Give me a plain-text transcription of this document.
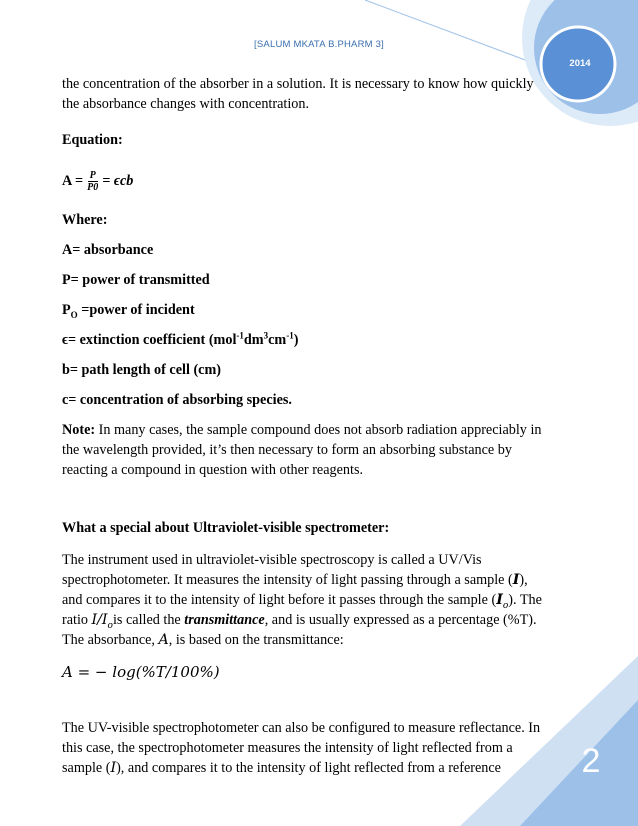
[SALUM MKATA B.PHARM 3]
2014
2

the concentration of the absorber in a solution. It is necessary to know how quickly

the absorbance changes with concentration.

Equation:

$A = \frac{P}{P0} = \epsilon cb$

Where:

A= absorbance

P= power of transmitted

$P_O$ =power of incident

ϵ= extinction coefficient $(mol^{-1}dm^3cm^{-1})$

b= path length of cell (cm)

c= concentration of absorbing species.

Note: In many cases, the sample compound does not absorb radiation appreciably in the wavelength provided, it’s then necessary to form an absorbing substance by reacting a compound in question with other reagents.

What a special about Ultraviolet-visible spectrometer:

The instrument used in ultraviolet-visible spectroscopy is called a UV/Vis spectrophotometer. It measures the intensity of light passing through a sample (I), and compares it to the intensity of light before it passes through the sample $(I_o)$. The ratio $I/I_ois$ called the transmittance, and is usually expressed as a percentage (%T). The absorbance, A, is based on the transmittance:

A = − log(%T/100%)

The UV-visible spectrophotometer can also be configured to measure reflectance. In this case, the spectrophotometer measures the intensity of light reflected from a sample (I), and compares it to the intensity of light reflected from a reference
